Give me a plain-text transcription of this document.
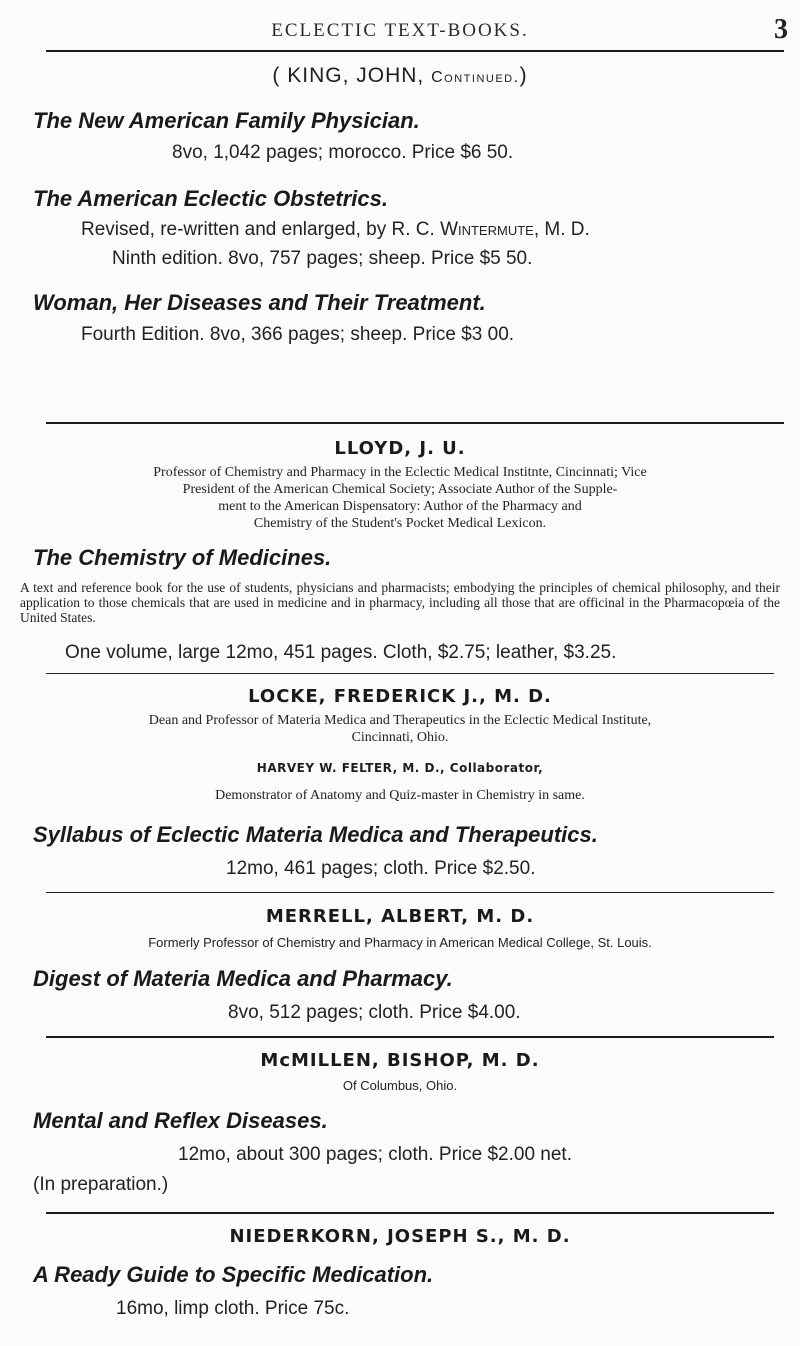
ECLECTIC TEXT-BOOKS.	3
( KING, JOHN, Continued.)
The New American Family Physician.
8vo, 1,042 pages; morocco. Price $6 50.
The American Eclectic Obstetrics.
Revised, re-written and enlarged, by R. C. Wintermute, M. D.
Ninth edition. 8vo, 757 pages; sheep. Price $5 50.
Woman, Her Diseases and Their Treatment.
Fourth Edition. 8vo, 366 pages; sheep. Price $3 00.
LLOYD, J. U.
Professor of Chemistry and Pharmacy in the Eclectic Medical Institnte, Cincinnati; Vice
President of the American Chemical Society; Associate Author of the Supple-
ment to the American Dispensatory: Author of the Pharmacy and
Chemistry of the Student's Pocket Medical Lexicon.
The Chemistry of Medicines.
A text and reference book for the use of students, physicians and pharmacists; embodying the principles of chemical philosophy, and their application to those chemicals that are used in medicine and in pharmacy, including all those that are officinal in the Pharmacopœia of the United States.
One volume, large 12mo, 451 pages. Cloth, $2.75; leather, $3.25.
LOCKE, FREDERICK J., M. D.
Dean and Professor of Materia Medica and Therapeutics in the Eclectic Medical Institute,
Cincinnati, Ohio.
HARVEY W. FELTER, M. D., Collaborator,
Demonstrator of Anatomy and Quiz-master in Chemistry in same.
Syllabus of Eclectic Materia Medica and Therapeutics.
12mo, 461 pages; cloth. Price $2.50.
MERRELL, ALBERT, M. D.
Formerly Professor of Chemistry and Pharmacy in American Medical College, St. Louis.
Digest of Materia Medica and Pharmacy.
8vo, 512 pages; cloth. Price $4.00.
McMILLEN, BISHOP, M. D.
Of Columbus, Ohio.
Mental and Reflex Diseases.
12mo, about 300 pages; cloth. Price $2.00 net.
(In preparation.)
NIEDERKORN, JOSEPH S., M. D.
A Ready Guide to Specific Medication.
16mo, limp cloth. Price 75c.
